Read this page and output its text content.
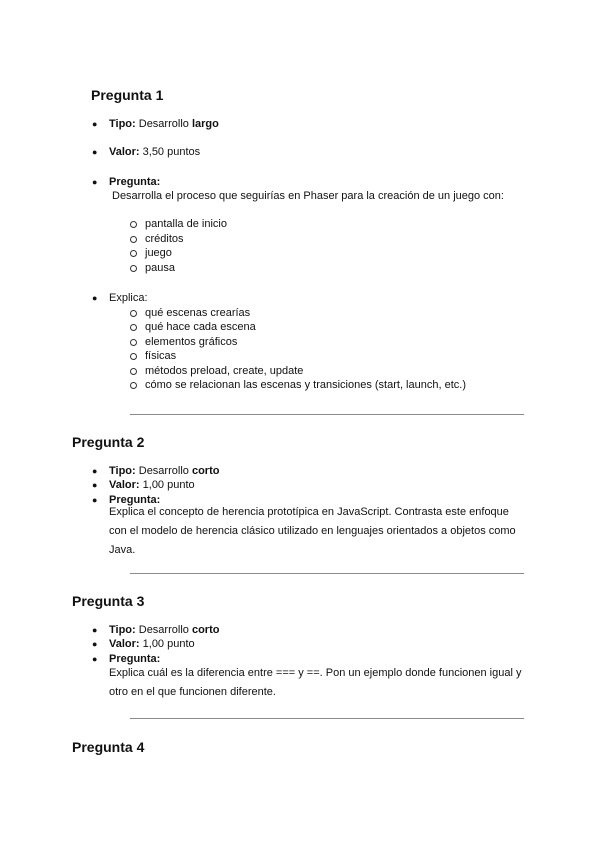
Pregunta 1
● Tipo: Desarrollo largo
● Valor: 3,50 puntos
● Pregunta:
Desarrolla el proceso que seguirías en Phaser para la creación de un juego con:
pantalla de inicio
créditos
juego
pausa
● Explica:
qué escenas crearías
qué hace cada escena
elementos gráficos
físicas
métodos preload, create, update
cómo se relacionan las escenas y transiciones (start, launch, etc.)
Pregunta 2
● Tipo: Desarrollo corto
● Valor: 1,00 punto
● Pregunta:
Explica el concepto de herencia prototípica en JavaScript. Contrasta este enfoque con el modelo de herencia clásico utilizado en lenguajes orientados a objetos como Java.
Pregunta 3
● Tipo: Desarrollo corto
● Valor: 1,00 punto
● Pregunta:
Explica cuál es la diferencia entre === y ==. Pon un ejemplo donde funcionen igual y otro en el que funcionen diferente.
Pregunta 4
